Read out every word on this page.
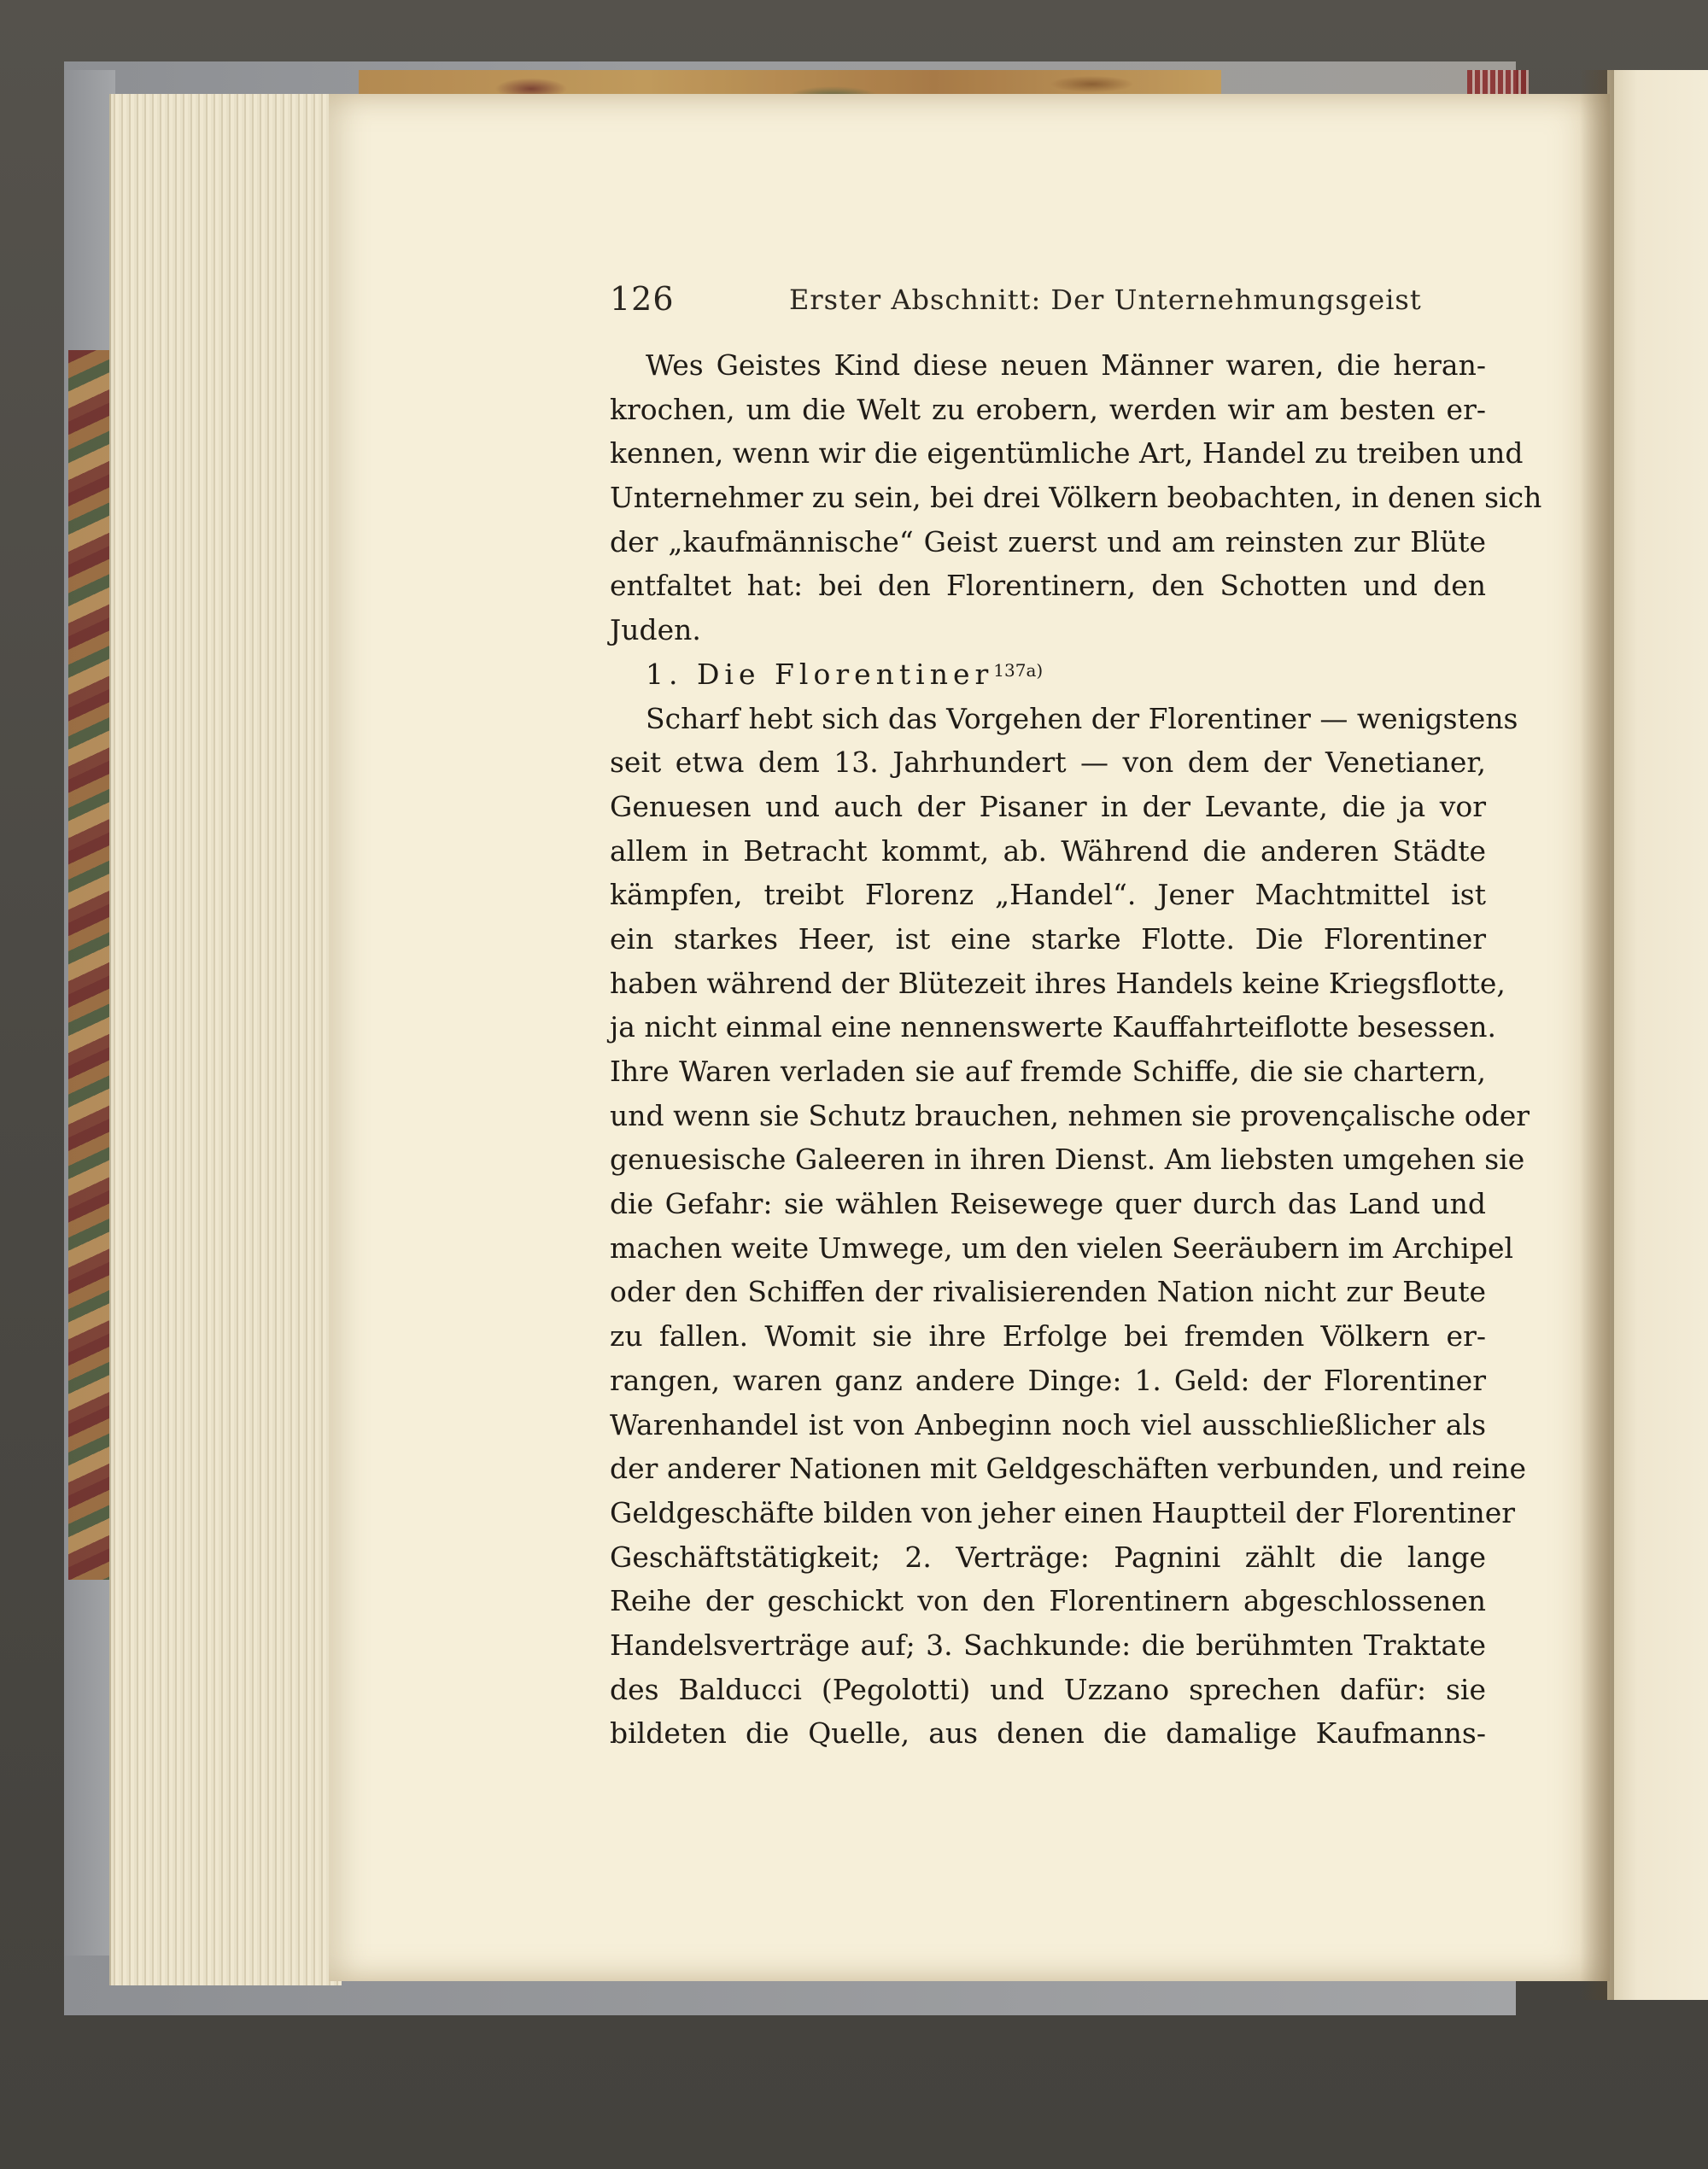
126	Erster Abschnitt: Der Unternehmungsgeist
Wes Geistes Kind diese neuen Männer waren, die heran-
krochen, um die Welt zu erobern, werden wir am besten er-
kennen, wenn wir die eigentümliche Art, Handel zu treiben und
Unternehmer zu sein, bei drei Völkern beobachten, in denen sich
der „kaufmännische“ Geist zuerst und am reinsten zur Blüte
entfaltet hat: bei den Florentinern, den Schotten und den
Juden.
1. Die Florentiner$^{137a)}$
Scharf hebt sich das Vorgehen der Florentiner — wenigstens
seit etwa dem 13. Jahrhundert — von dem der Venetianer,
Genuesen und auch der Pisaner in der Levante, die ja vor
allem in Betracht kommt, ab. Während die anderen Städte
kämpfen, treibt Florenz „Handel“. Jener Machtmittel ist
ein starkes Heer, ist eine starke Flotte. Die Florentiner
haben während der Blütezeit ihres Handels keine Kriegsflotte,
ja nicht einmal eine nennenswerte Kauffahrteiflotte besessen.
Ihre Waren verladen sie auf fremde Schiffe, die sie chartern,
und wenn sie Schutz brauchen, nehmen sie provençalische oder
genuesische Galeeren in ihren Dienst. Am liebsten umgehen sie
die Gefahr: sie wählen Reisewege quer durch das Land und
machen weite Umwege, um den vielen Seeräubern im Archipel
oder den Schiffen der rivalisierenden Nation nicht zur Beute
zu fallen. Womit sie ihre Erfolge bei fremden Völkern er-
rangen, waren ganz andere Dinge: 1. Geld: der Florentiner
Warenhandel ist von Anbeginn noch viel ausschließlicher als
der anderer Nationen mit Geldgeschäften verbunden, und reine
Geldgeschäfte bilden von jeher einen Hauptteil der Florentiner
Geschäftstätigkeit; 2. Verträge: Pagnini zählt die lange
Reihe der geschickt von den Florentinern abgeschlossenen
Handelsverträge auf; 3. Sachkunde: die berühmten Traktate
des Balducci (Pegolotti) und Uzzano sprechen dafür: sie
bildeten die Quelle, aus denen die damalige Kaufmanns-
